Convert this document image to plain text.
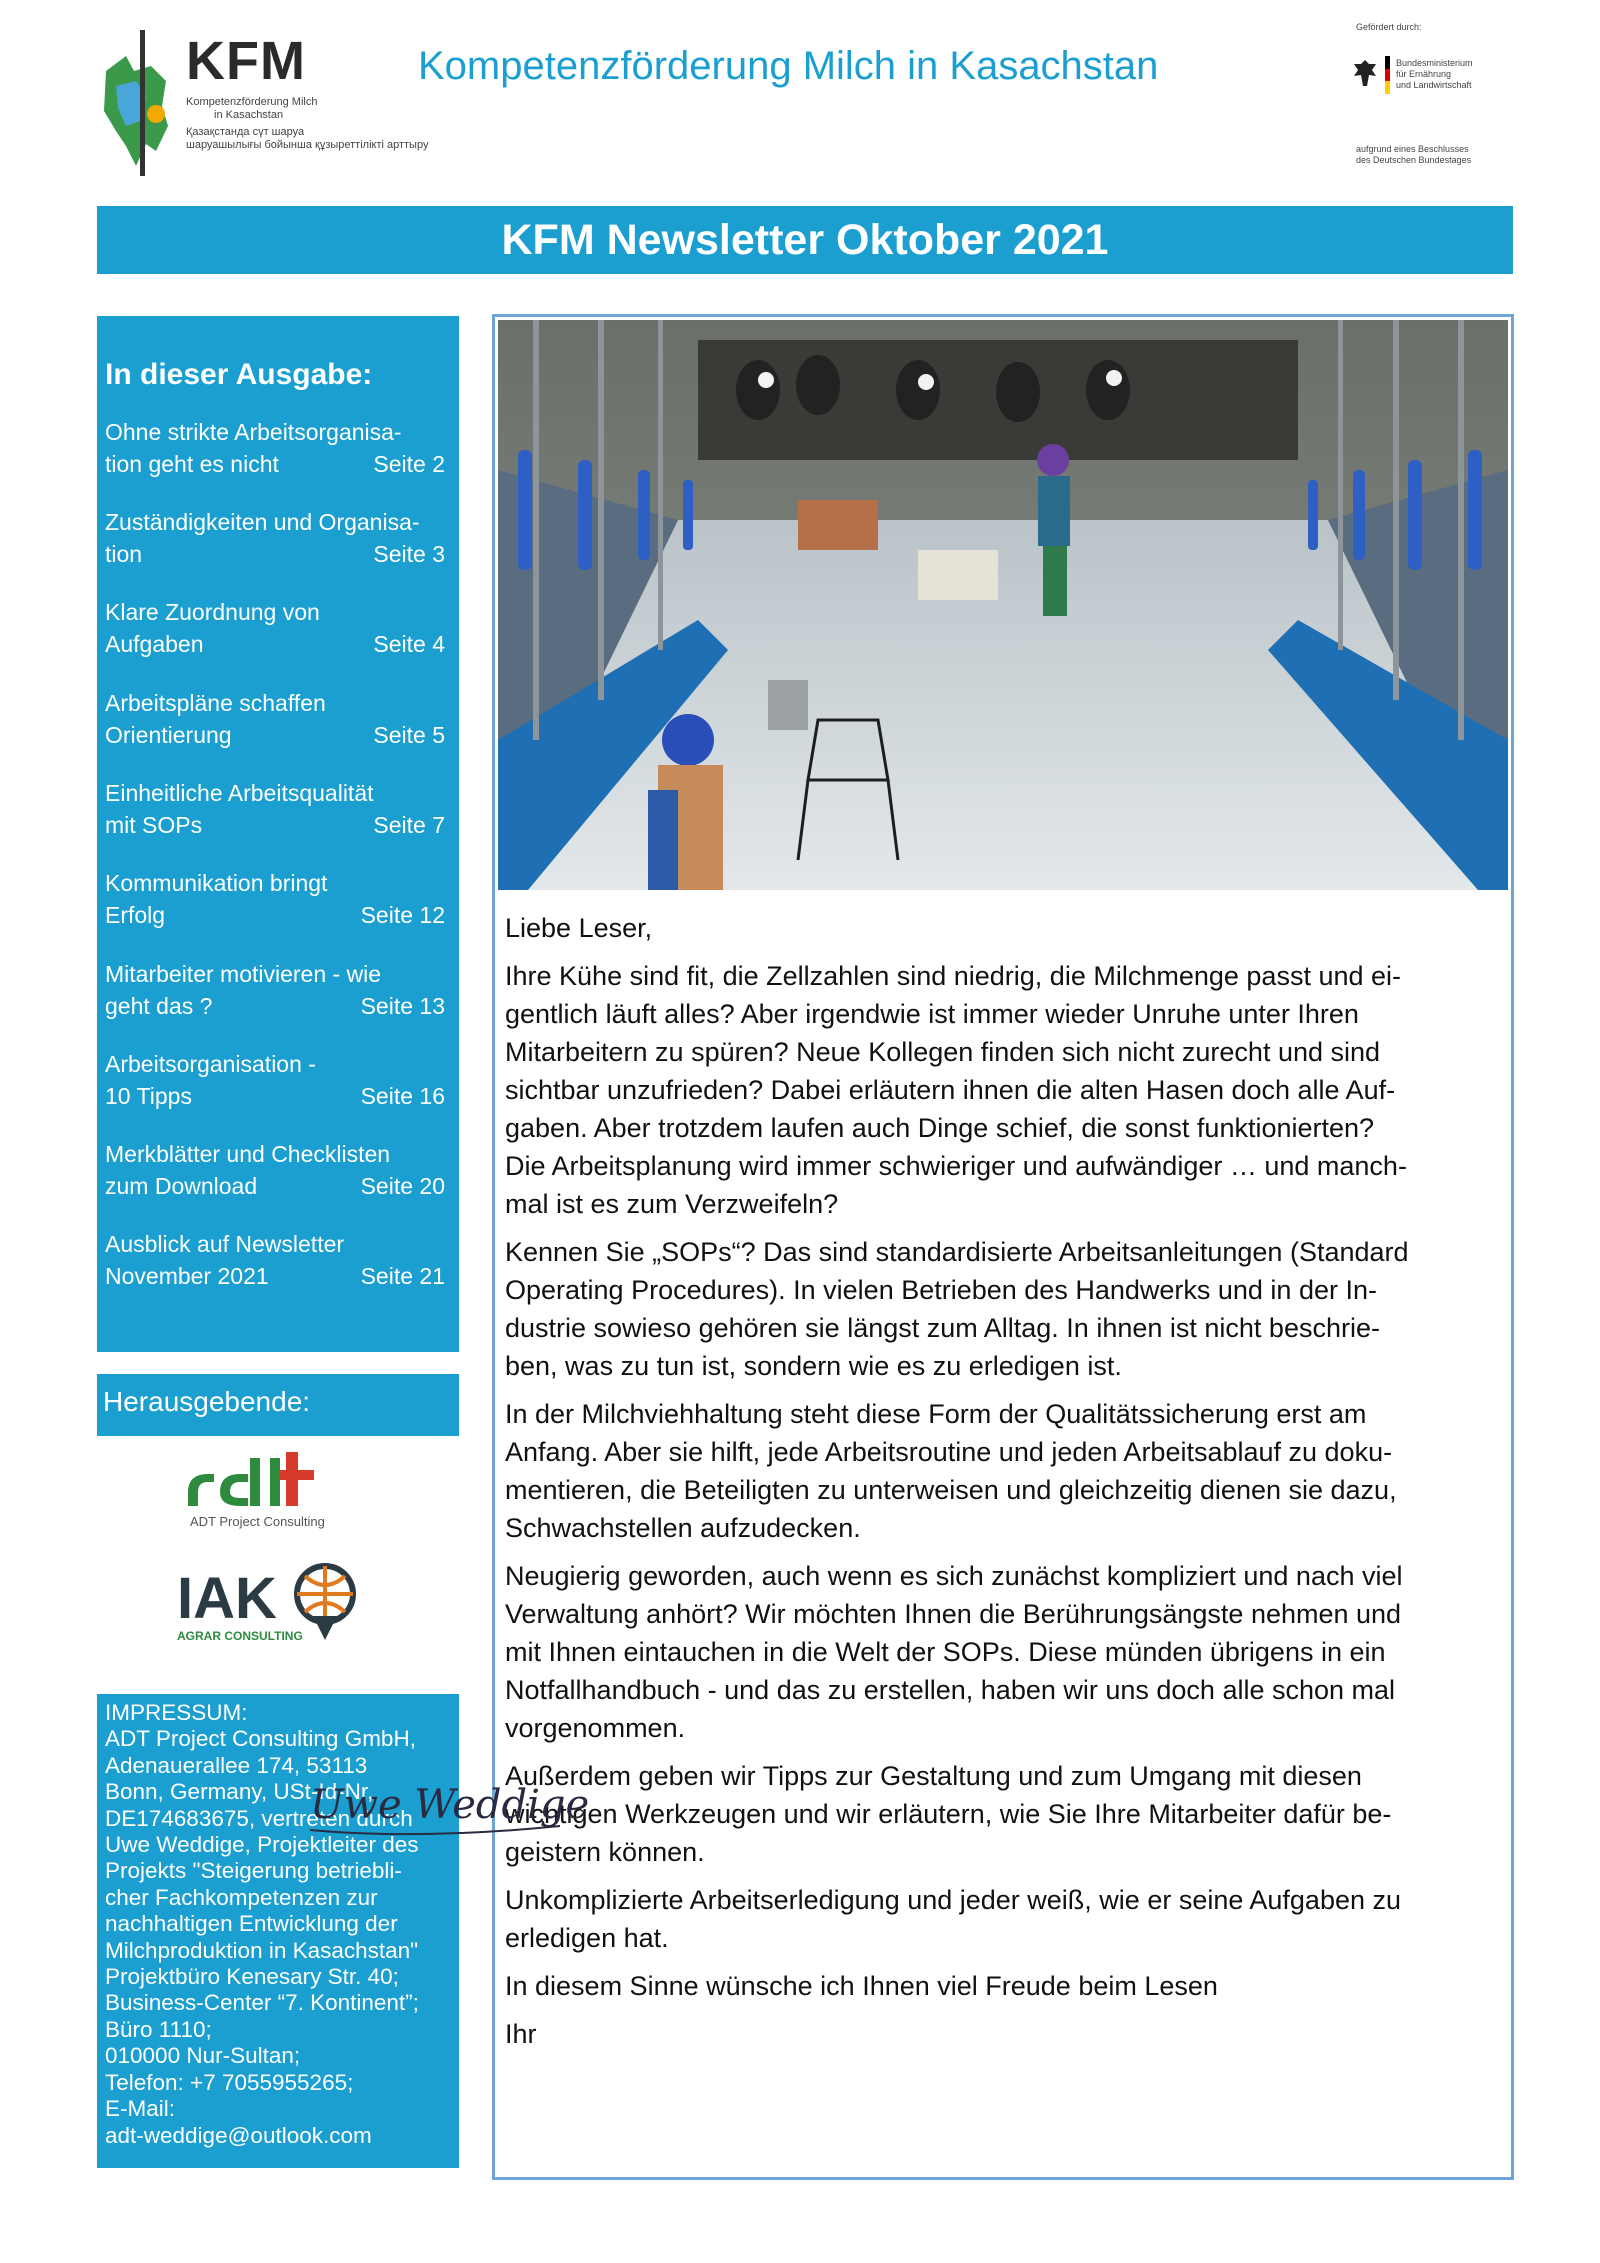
KFM
Kompetenzförderung Milch
in Kasachstan
Қазақстанда сүт шаруа
шаруашылығы бойынша құзыреттілікті арттыру
Kompetenzförderung Milch in Kasachstan
Gefördert durch:
Bundesministerium
für Ernährung
und Landwirtschaft
aufgrund eines Beschlusses
des Deutschen Bundestages
KFM Newsletter Oktober 2021
In dieser Ausgabe:
Ohne strikte Arbeitsorganisa-
tion geht es nicht	Seite 2
Zuständigkeiten und Organisa-
tion	Seite 3
Klare Zuordnung von
Aufgaben	Seite 4
Arbeitspläne schaffen
Orientierung	Seite 5
Einheitliche Arbeitsqualität
mit SOPs	Seite 7
Kommunikation bringt
Erfolg	Seite 12
Mitarbeiter motivieren - wie
geht das ?	Seite 13
Arbeitsorganisation -
10 Tipps	Seite 16
Merkblätter und Checklisten
zum Download	Seite 20
Ausblick auf Newsletter
November 2021	Seite 21
Herausgebende:
ADT Project Consulting
IAK
AGRAR CONSULTING
IMPRESSUM:
ADT Project Consulting GmbH,
Adenauerallee 174, 53113
Bonn, Germany, USt-Id-Nr,
DE174683675, vertreten durch
Uwe Weddige, Projektleiter des
Projekts "Steigerung betriebli-
cher Fachkompetenzen zur
nachhaltigen Entwicklung der
Milchproduktion in Kasachstan"
Projektbüro Kenesary Str. 40;
Business-Center “7. Kontinent”;
Büro 1110;
010000 Nur-Sultan;
Telefon: +7 7055955265;
E-Mail:
adt-weddige@outlook.com
Liebe Leser,
Ihre Kühe sind fit, die Zellzahlen sind niedrig, die Milchmenge passt und ei-
gentlich läuft alles? Aber irgendwie ist immer wieder Unruhe unter Ihren
Mitarbeitern zu spüren? Neue Kollegen finden sich nicht zurecht und sind
sichtbar unzufrieden? Dabei erläutern ihnen die alten Hasen doch alle Auf-
gaben. Aber trotzdem laufen auch Dinge schief, die sonst funktionierten?
Die Arbeitsplanung wird immer schwieriger und aufwändiger … und manch-
mal ist es zum Verzweifeln?
Kennen Sie „SOPs“? Das sind standardisierte Arbeitsanleitungen (Standard
Operating Procedures). In vielen Betrieben des Handwerks und in der In-
dustrie sowieso gehören sie längst zum Alltag. In ihnen ist nicht beschrie-
ben, was zu tun ist, sondern wie es zu erledigen ist.
In der Milchviehhaltung steht diese Form der Qualitätssicherung erst am
Anfang. Aber sie hilft, jede Arbeitsroutine und jeden Arbeitsablauf zu doku-
mentieren, die Beteiligten zu unterweisen und gleichzeitig dienen sie dazu,
Schwachstellen aufzudecken.
Neugierig geworden, auch wenn es sich zunächst kompliziert und nach viel
Verwaltung anhört? Wir möchten Ihnen die Berührungsängste nehmen und
mit Ihnen eintauchen in die Welt der SOPs. Diese münden übrigens in ein
Notfallhandbuch - und das zu erstellen, haben wir uns doch alle schon mal
vorgenommen.
Außerdem geben wir Tipps zur Gestaltung und zum Umgang mit diesen
wichtigen Werkzeugen und wir erläutern, wie Sie Ihre Mitarbeiter dafür be-
geistern können.
Unkomplizierte Arbeitserledigung und jeder weiß, wie er seine Aufgaben zu
erledigen hat.
In diesem Sinne wünsche ich Ihnen viel Freude beim Lesen
Ihr
Uwe Weddige
